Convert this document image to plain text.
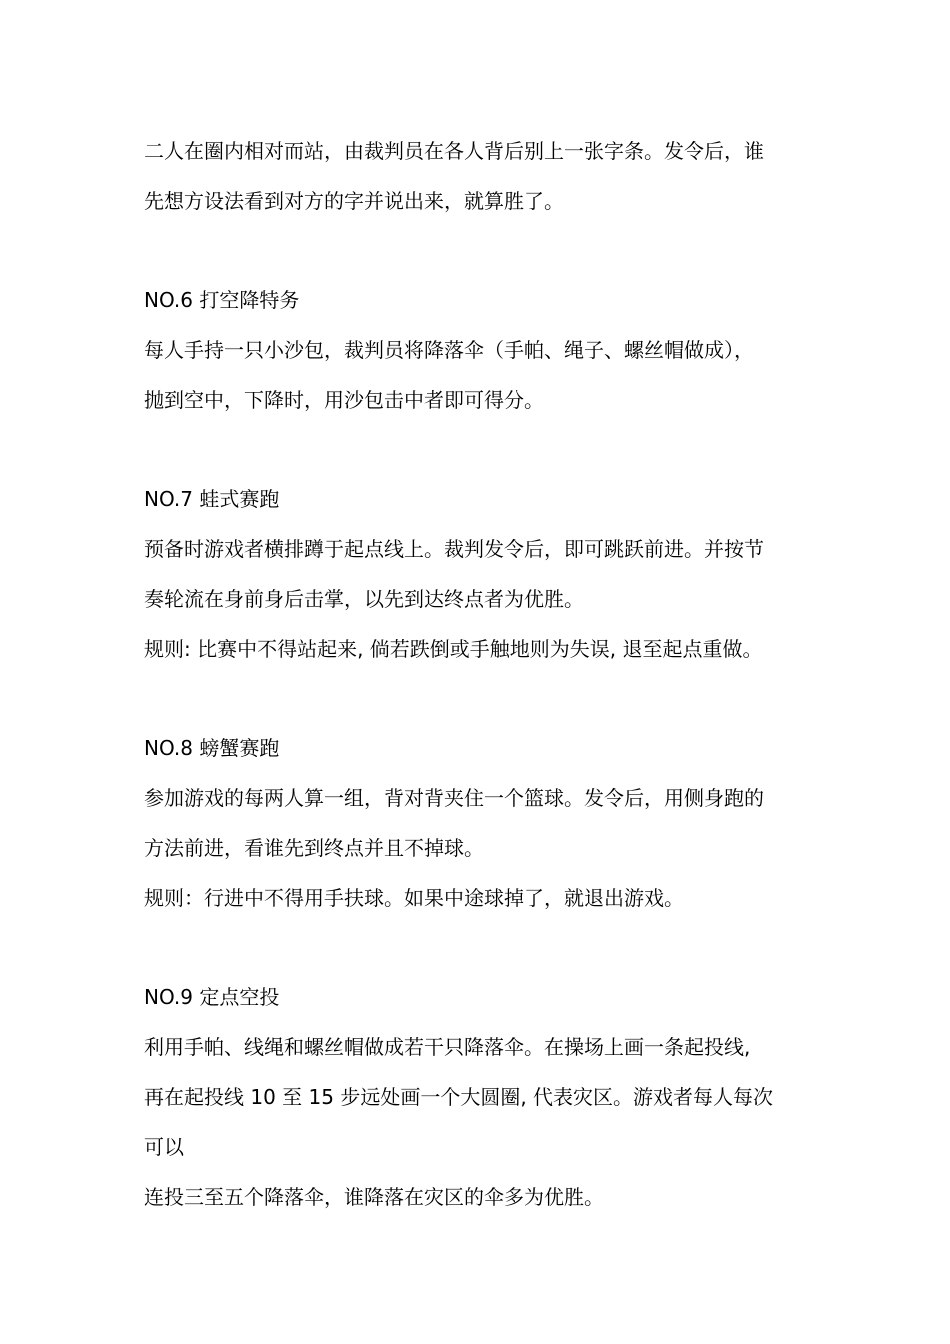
二人在圈内相对而站，由裁判员在各人背后别上一张字条。发令后，谁
先想方设法看到对方的字并说出来，就算胜了。
NO.6 打空降特务
每人手持一只小沙包，裁判员将降落伞（手帕、绳子、螺丝帽做成），
抛到空中，下降时，用沙包击中者即可得分。
NO.7 蛙式赛跑
预备时游戏者横排蹲于起点线上。裁判发令后，即可跳跃前进。并按节
奏轮流在身前身后击掌，以先到达终点者为优胜。
规则: 比赛中不得站起来, 倘若跌倒或手触地则为失误, 退至起点重做。
NO.8 螃蟹赛跑
参加游戏的每两人算一组，背对背夹住一个篮球。发令后，用侧身跑的
方法前进，看谁先到终点并且不掉球。
规则：行进中不得用手扶球。如果中途球掉了，就退出游戏。
NO.9 定点空投
利用手帕、线绳和螺丝帽做成若干只降落伞。在操场上画一条起投线,
再在起投线 10 至 15 步远处画一个大圆圈, 代表灾区。游戏者每人每次
可以
连投三至五个降落伞，谁降落在灾区的伞多为优胜。
